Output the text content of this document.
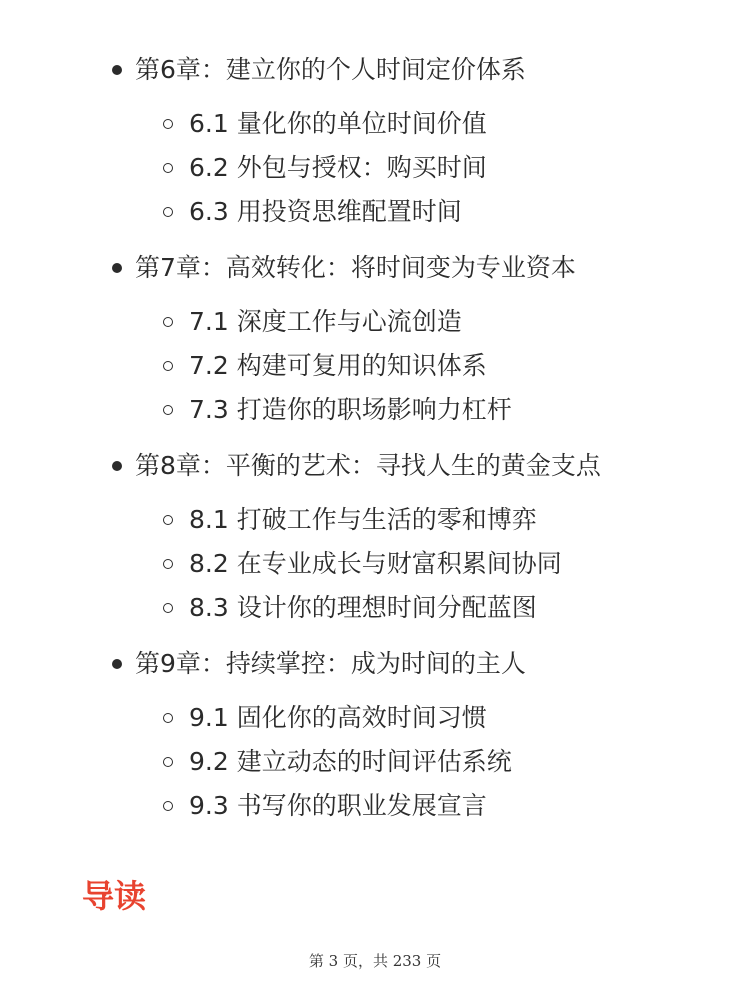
第6章：建立你的个人时间定价体系
6.1 量化你的单位时间价值
6.2 外包与授权：购买时间
6.3 用投资思维配置时间
第7章：高效转化：将时间变为专业资本
7.1 深度工作与心流创造
7.2 构建可复用的知识体系
7.3 打造你的职场影响力杠杆
第8章：平衡的艺术：寻找人生的黄金支点
8.1 打破工作与生活的零和博弈
8.2 在专业成长与财富积累间协同
8.3 设计你的理想时间分配蓝图
第9章：持续掌控：成为时间的主人
9.1 固化你的高效时间习惯
9.2 建立动态的时间评估系统
9.3 书写你的职业发展宣言
导读
第 3 页，共 233 页
